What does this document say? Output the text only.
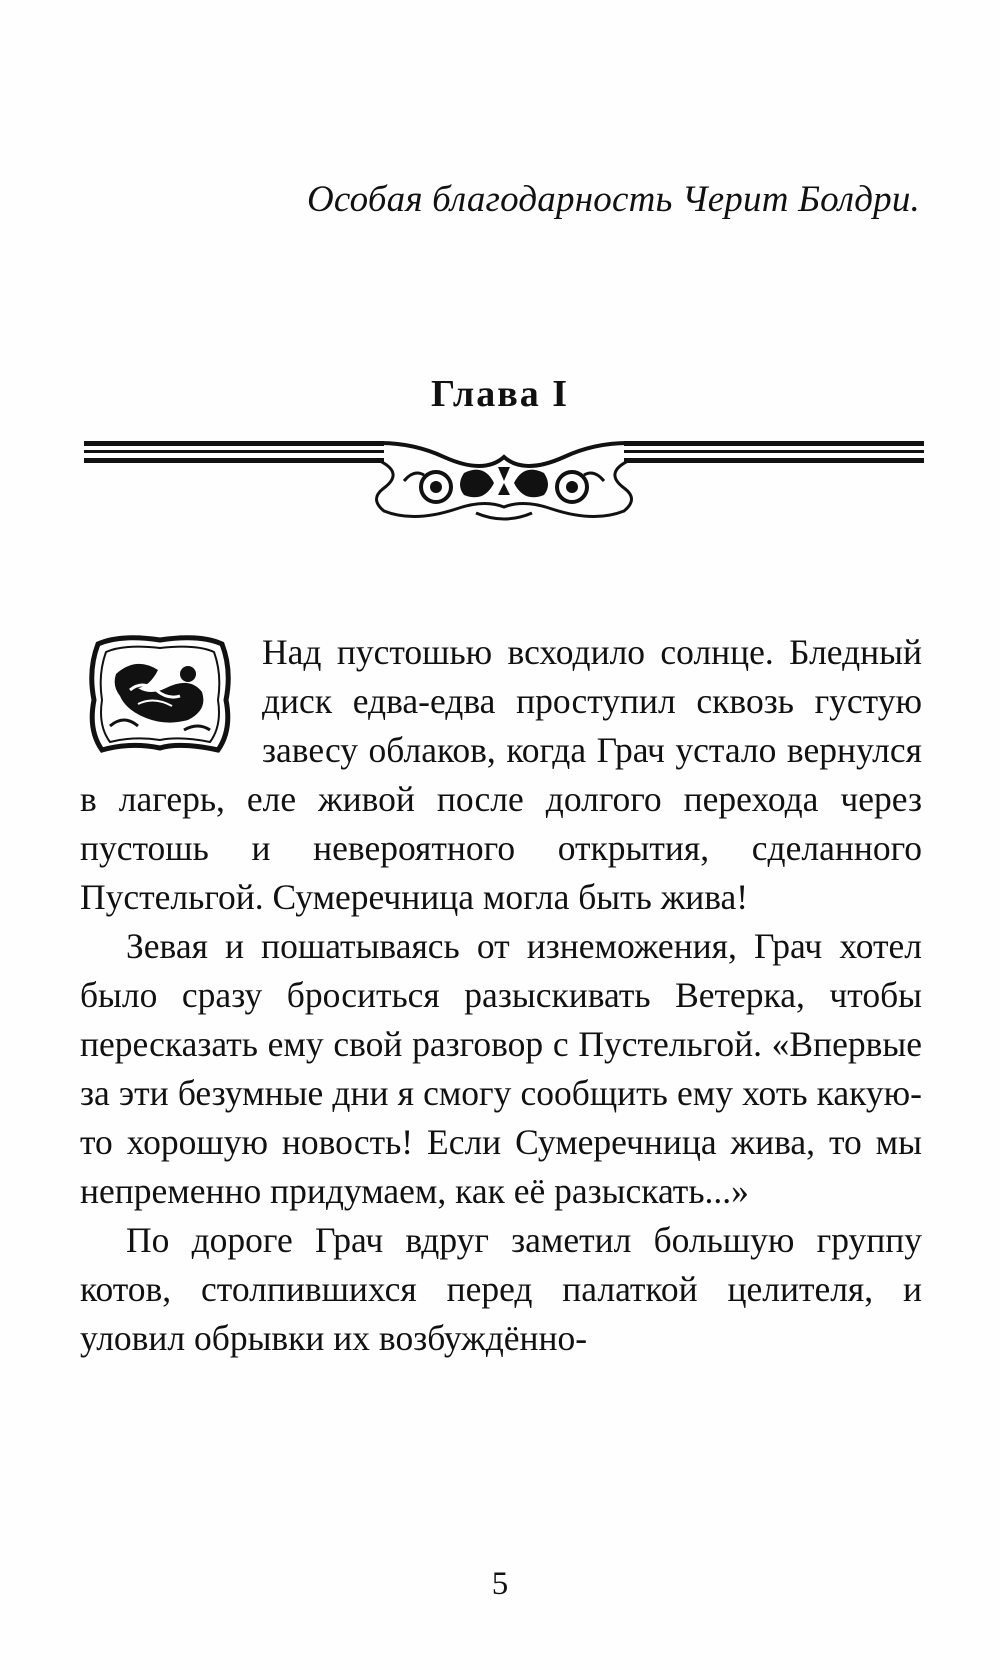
Особая благодарность Черит Болдри.

Глава I

Над пустошью всходило солнце. Бледный диск едва-едва проступил сквозь густую завесу облаков, когда Грач устало вернулся в лагерь, еле живой после долгого перехода через пустошь и невероятного открытия, сделанного Пустельгой. Сумеречница могла быть жива!

Зевая и пошатываясь от изнеможения, Грач хотел было сразу броситься разыскивать Ветерка, чтобы пересказать ему свой разговор с Пустельгой. «Впервые за эти безумные дни я смогу сообщить ему хоть какую-то хорошую новость! Если Сумеречница жива, то мы непременно придумаем, как её разыскать...»

По дороге Грач вдруг заметил большую группу котов, столпившихся перед палаткой целителя, и уловил обрывки их возбуждённо-

5
